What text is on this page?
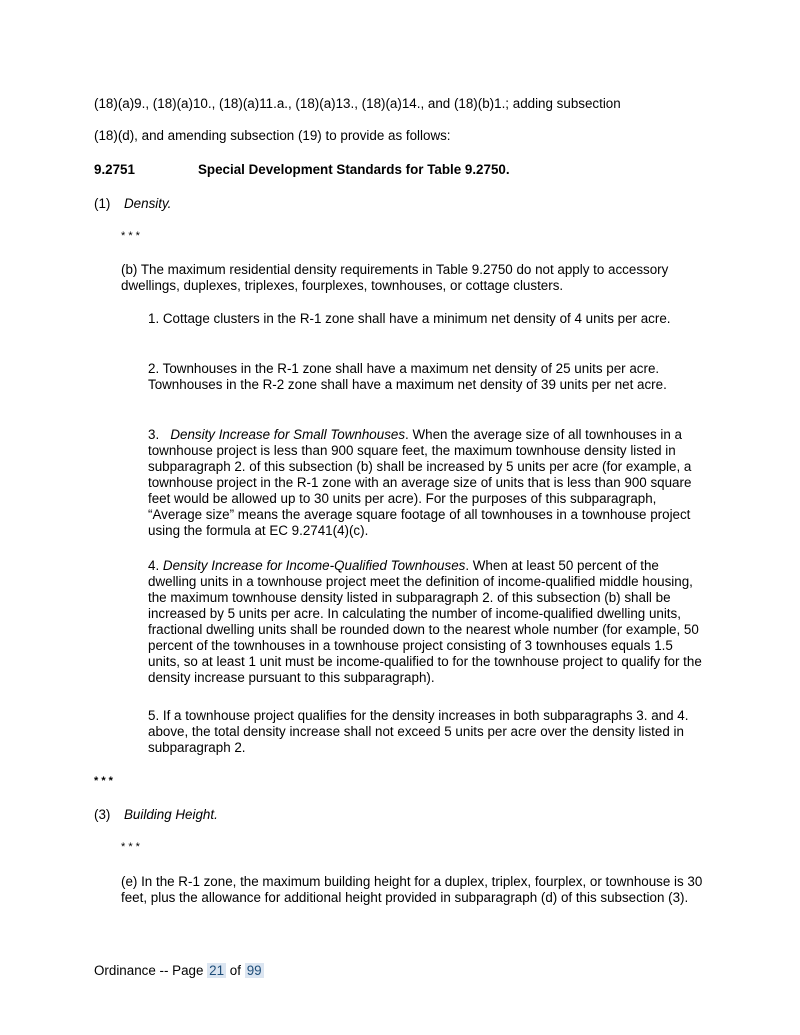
(18)(a)9., (18)(a)10., (18)(a)11.a., (18)(a)13., (18)(a)14., and (18)(b)1.; adding subsection
(18)(d), and amending subsection (19) to provide as follows:
9.2751	Special Development Standards for Table 9.2750.
(1) Density.
* * *
(b) The maximum residential density requirements in Table 9.2750 do not apply to accessory dwellings, duplexes, triplexes, fourplexes, townhouses, or cottage clusters.
1. Cottage clusters in the R-1 zone shall have a minimum net density of 4 units per acre.
2. Townhouses in the R-1 zone shall have a maximum net density of 25 units per acre. Townhouses in the R-2 zone shall have a maximum net density of 39 units per net acre.
3. Density Increase for Small Townhouses. When the average size of all townhouses in a townhouse project is less than 900 square feet, the maximum townhouse density listed in subparagraph 2. of this subsection (b) shall be increased by 5 units per acre (for example, a townhouse project in the R-1 zone with an average size of units that is less than 900 square feet would be allowed up to 30 units per acre). For the purposes of this subparagraph, “Average size” means the average square footage of all townhouses in a townhouse project using the formula at EC 9.2741(4)(c).
4. Density Increase for Income-Qualified Townhouses. When at least 50 percent of the dwelling units in a townhouse project meet the definition of income-qualified middle housing, the maximum townhouse density listed in subparagraph 2. of this subsection (b) shall be increased by 5 units per acre. In calculating the number of income-qualified dwelling units, fractional dwelling units shall be rounded down to the nearest whole number (for example, 50 percent of the townhouses in a townhouse project consisting of 3 townhouses equals 1.5 units, so at least 1 unit must be income-qualified to for the townhouse project to qualify for the density increase pursuant to this subparagraph).
5. If a townhouse project qualifies for the density increases in both subparagraphs 3. and 4. above, the total density increase shall not exceed 5 units per acre over the density listed in subparagraph 2.
* * *
(3) Building Height.
* * *
(e) In the R-1 zone, the maximum building height for a duplex, triplex, fourplex, or townhouse is 30 feet, plus the allowance for additional height provided in subparagraph (d) of this subsection (3).
Ordinance -- Page 21 of 99
